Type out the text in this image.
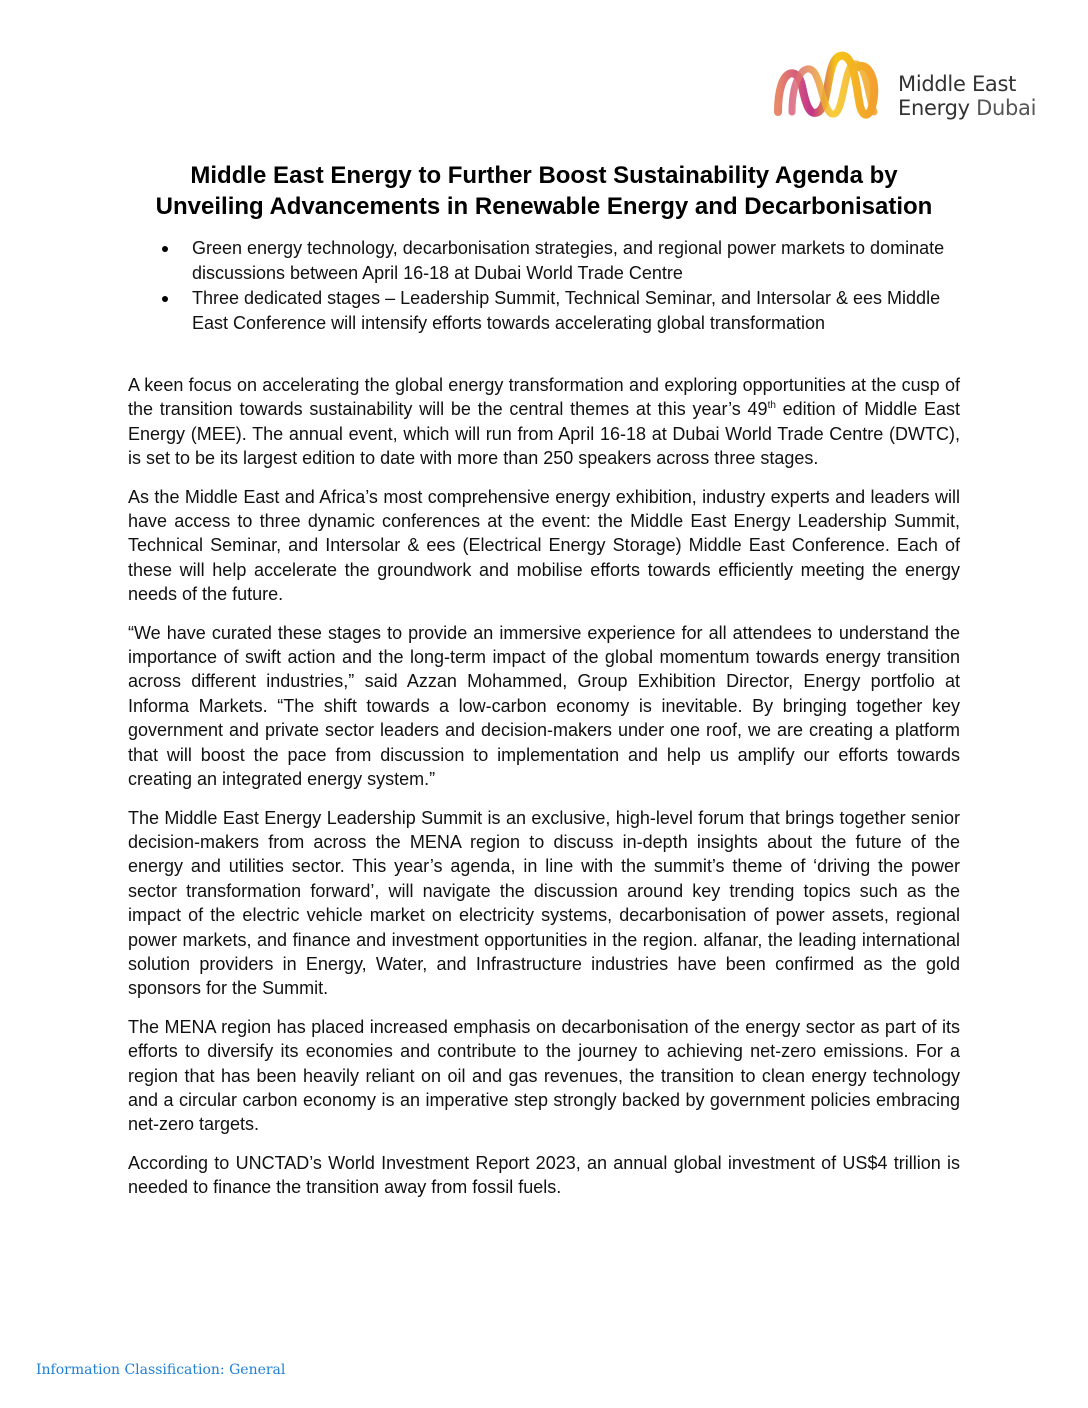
Middle East
Energy Dubai
Middle East Energy to Further Boost Sustainability Agenda by
Unveiling Advancements in Renewable Energy and Decarbonisation
Green energy technology, decarbonisation strategies, and regional power markets to dominate discussions between April 16-18 at Dubai World Trade Centre
Three dedicated stages – Leadership Summit, Technical Seminar, and Intersolar & ees Middle East Conference will intensify efforts towards accelerating global transformation

A keen focus on accelerating the global energy transformation and exploring opportunities at the cusp of the transition towards sustainability will be the central themes at this year’s 49th edition of Middle East Energy (MEE). The annual event, which will run from April 16-18 at Dubai World Trade Centre (DWTC), is set to be its largest edition to date with more than 250 speakers across three stages.

As the Middle East and Africa’s most comprehensive energy exhibition, industry experts and leaders will have access to three dynamic conferences at the event: the Middle East Energy Leadership Summit, Technical Seminar, and Intersolar & ees (Electrical Energy Storage) Middle East Conference. Each of these will help accelerate the groundwork and mobilise efforts towards efficiently meeting the energy needs of the future.

“We have curated these stages to provide an immersive experience for all attendees to understand the importance of swift action and the long-term impact of the global momentum towards energy transition across different industries,” said Azzan Mohammed, Group Exhibition Director, Energy portfolio at Informa Markets. “The shift towards a low-carbon economy is inevitable. By bringing together key government and private sector leaders and decision-makers under one roof, we are creating a platform that will boost the pace from discussion to implementation and help us amplify our efforts towards creating an integrated energy system.”

The Middle East Energy Leadership Summit is an exclusive, high-level forum that brings together senior decision-makers from across the MENA region to discuss in-depth insights about the future of the energy and utilities sector. This year’s agenda, in line with the summit’s theme of ‘driving the power sector transformation forward’, will navigate the discussion around key trending topics such as the impact of the electric vehicle market on electricity systems, decarbonisation of power assets, regional power markets, and finance and investment opportunities in the region. alfanar, the leading international solution providers in Energy, Water, and Infrastructure industries have been confirmed as the gold sponsors for the Summit.

The MENA region has placed increased emphasis on decarbonisation of the energy sector as part of its efforts to diversify its economies and contribute to the journey to achieving net-zero emissions. For a region that has been heavily reliant on oil and gas revenues, the transition to clean energy technology and a circular carbon economy is an imperative step strongly backed by government policies embracing net-zero targets.

According to UNCTAD’s World Investment Report 2023, an annual global investment of US$4 trillion is needed to finance the transition away from fossil fuels.

Information Classification: General
